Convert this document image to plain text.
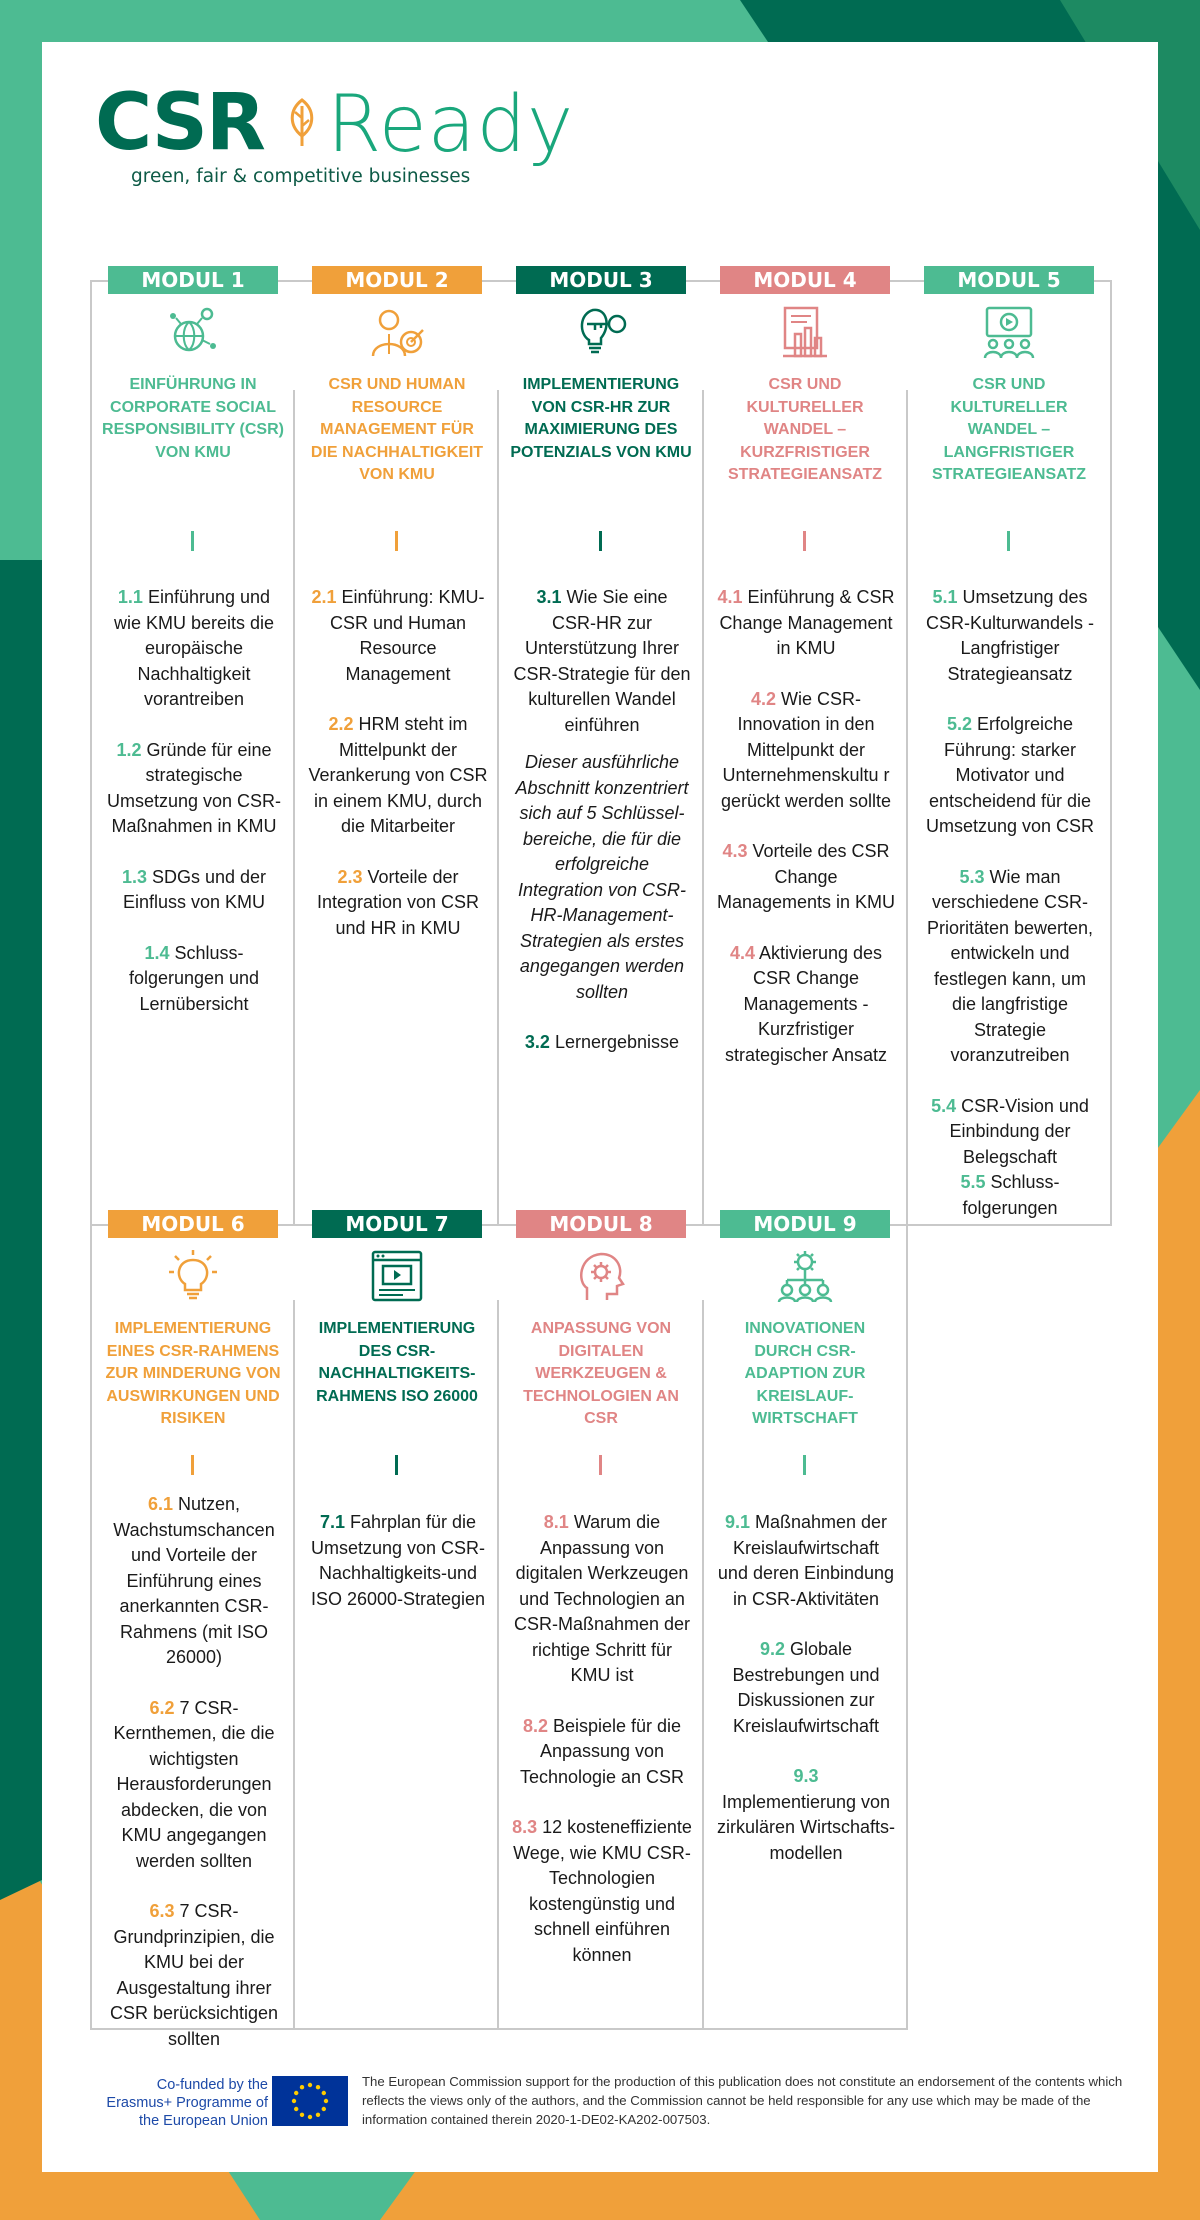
CSR Ready
green, fair & competitive businesses
MODUL 1
EINFÜHRUNG IN CORPORATE SOCIAL RESPONSIBILITY (CSR) VON KMU

1.1 Einführung und wie KMU bereits die europäische Nachhaltigkeit vorantreiben

1.2 Gründe für eine strategische Umsetzung von CSR-Maßnahmen in KMU

1.3 SDGs und der Einfluss von KMU

1.4 Schluss-folgerungen und Lernübersicht

MODUL 2
CSR UND HUMAN RESOURCE MANAGEMENT FÜR DIE NACHHALTIGKEIT VON KMU

2.1 Einführung: KMU-CSR und Human Resource Management

2.2 HRM steht im Mittelpunkt der Verankerung von CSR in einem KMU, durch die Mitarbeiter

2.3 Vorteile der Integration von CSR und HR in KMU

MODUL 3
IMPLEMENTIERUNG VON CSR-HR ZUR MAXIMIERUNG DES POTENZIALS VON KMU

3.1 Wie Sie eine CSR-HR zur Unterstützung Ihrer CSR-Strategie für den kulturellen Wandel einführen

Dieser ausführliche Abschnitt konzentriert sich auf 5 Schlüssel-bereiche, die für die erfolgreiche Integration von CSR-HR-Management-Strategien als erstes angegangen werden sollten

3.2 Lernergebnisse

MODUL 4
CSR UND KULTURELLER WANDEL – KURZFRISTIGER STRATEGIEANSATZ

4.1 Einführung & CSR Change Management in KMU

4.2 Wie CSR-Innovation in den Mittelpunkt der Unternehmenskultu r gerückt werden sollte

4.3 Vorteile des CSR Change Managements in KMU

4.4 Aktivierung des CSR Change Managements - Kurzfristiger strategischer Ansatz

MODUL 5
CSR UND KULTURELLER WANDEL – LANGFRISTIGER STRATEGIEANSATZ

5.1 Umsetzung des CSR-Kulturwandels - Langfristiger Strategieansatz

5.2 Erfolgreiche Führung: starker Motivator und entscheidend für die Umsetzung von CSR

5.3 Wie man verschiedene CSR-Prioritäten bewerten, entwickeln und festlegen kann, um die langfristige Strategie voranzutreiben

5.4 CSR-Vision und Einbindung der Belegschaft

5.5 Schluss-folgerungen

MODUL 6
IMPLEMENTIERUNG EINES CSR-RAHMENS ZUR MINDERUNG VON AUSWIRKUNGEN UND RISIKEN

6.1 Nutzen, Wachstumschancen und Vorteile der Einführung eines anerkannten CSR-Rahmens (mit ISO 26000)

6.2 7 CSR-Kernthemen, die die wichtigsten Herausforderungen abdecken, die von KMU angegangen werden sollten

6.3 7 CSR-Grundprinzipien, die KMU bei der Ausgestaltung ihrer CSR berücksichtigen sollten

MODUL 7
IMPLEMENTIERUNG DES CSR-NACHHALTIGKEITS-RAHMENS ISO 26000

7.1 Fahrplan für die Umsetzung von CSR-Nachhaltigkeits-und ISO 26000-Strategien

MODUL 8
ANPASSUNG VON DIGITALEN WERKZEUGEN & TECHNOLOGIEN AN CSR

8.1 Warum die Anpassung von digitalen Werkzeugen und Technologien an CSR-Maßnahmen der richtige Schritt für KMU ist

8.2 Beispiele für die Anpassung von Technologie an CSR

8.3 12 kosteneffiziente Wege, wie KMU CSR-Technologien kostengünstig und schnell einführen können

MODUL 9
INNOVATIONEN DURCH CSR-ADAPTION ZUR KREISLAUF-WIRTSCHAFT

9.1 Maßnahmen der Kreislaufwirtschaft und deren Einbindung in CSR-Aktivitäten

9.2 Globale Bestrebungen und Diskussionen zur Kreislaufwirtschaft

9.3
Implementierung von zirkulären Wirtschafts-modellen

Co-funded by the Erasmus+ Programme of the European Union
The European Commission support for the production of this publication does not constitute an endorsement of the contents which reflects the views only of the authors, and the Commission cannot be held responsible for any use which may be made of the information contained therein 2020-1-DE02-KA202-007503.
